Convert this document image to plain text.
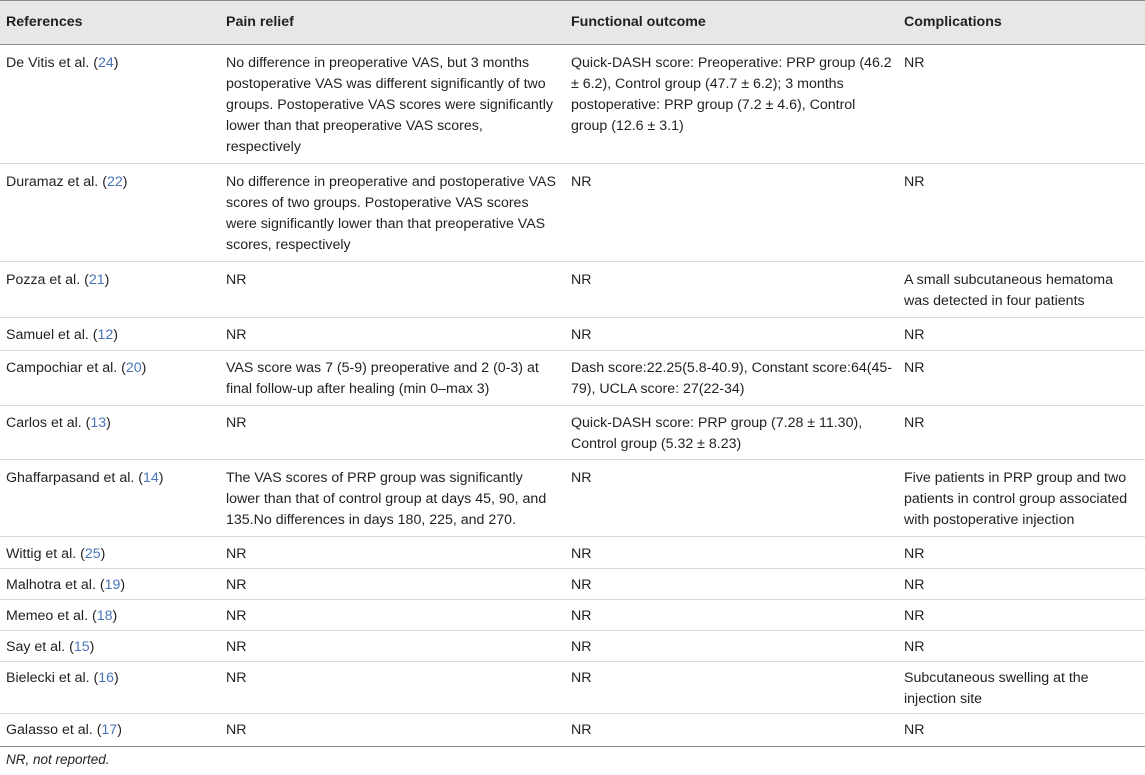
References	Pain relief	Functional outcome	Complications
De Vitis et al. (24)	No difference in preoperative VAS, but 3 months postoperative VAS was different significantly of two groups. Postoperative VAS scores were significantly lower than that preoperative VAS scores, respectively	Quick-DASH score: Preoperative: PRP group (46.2 ± 6.2), Control group (47.7 ± 6.2); 3 months postoperative: PRP group (7.2 ± 4.6), Control group (12.6 ± 3.1)	NR
Duramaz et al. (22)	No difference in preoperative and postoperative VAS scores of two groups. Postoperative VAS scores were significantly lower than that preoperative VAS scores, respectively	NR	NR
Pozza et al. (21)	NR	NR	A small subcutaneous hematoma was detected in four patients
Samuel et al. (12)	NR	NR	NR
Campochiar et al. (20)	VAS score was 7 (5-9) preoperative and 2 (0-3) at final follow-up after healing (min 0–max 3)	Dash score:22.25(5.8-40.9), Constant score:64(45-79), UCLA score: 27(22-34)	NR
Carlos et al. (13)	NR	Quick-DASH score: PRP group (7.28 ± 11.30), Control group (5.32 ± 8.23)	NR
Ghaffarpasand et al. (14)	The VAS scores of PRP group was significantly lower than that of control group at days 45, 90, and 135.No differences in days 180, 225, and 270.	NR	Five patients in PRP group and two patients in control group associated with postoperative injection
Wittig et al. (25)	NR	NR	NR
Malhotra et al. (19)	NR	NR	NR
Memeo et al. (18)	NR	NR	NR
Say et al. (15)	NR	NR	NR
Bielecki et al. (16)	NR	NR	Subcutaneous swelling at the injection site
Galasso et al. (17)	NR	NR	NR
NR, not reported.
